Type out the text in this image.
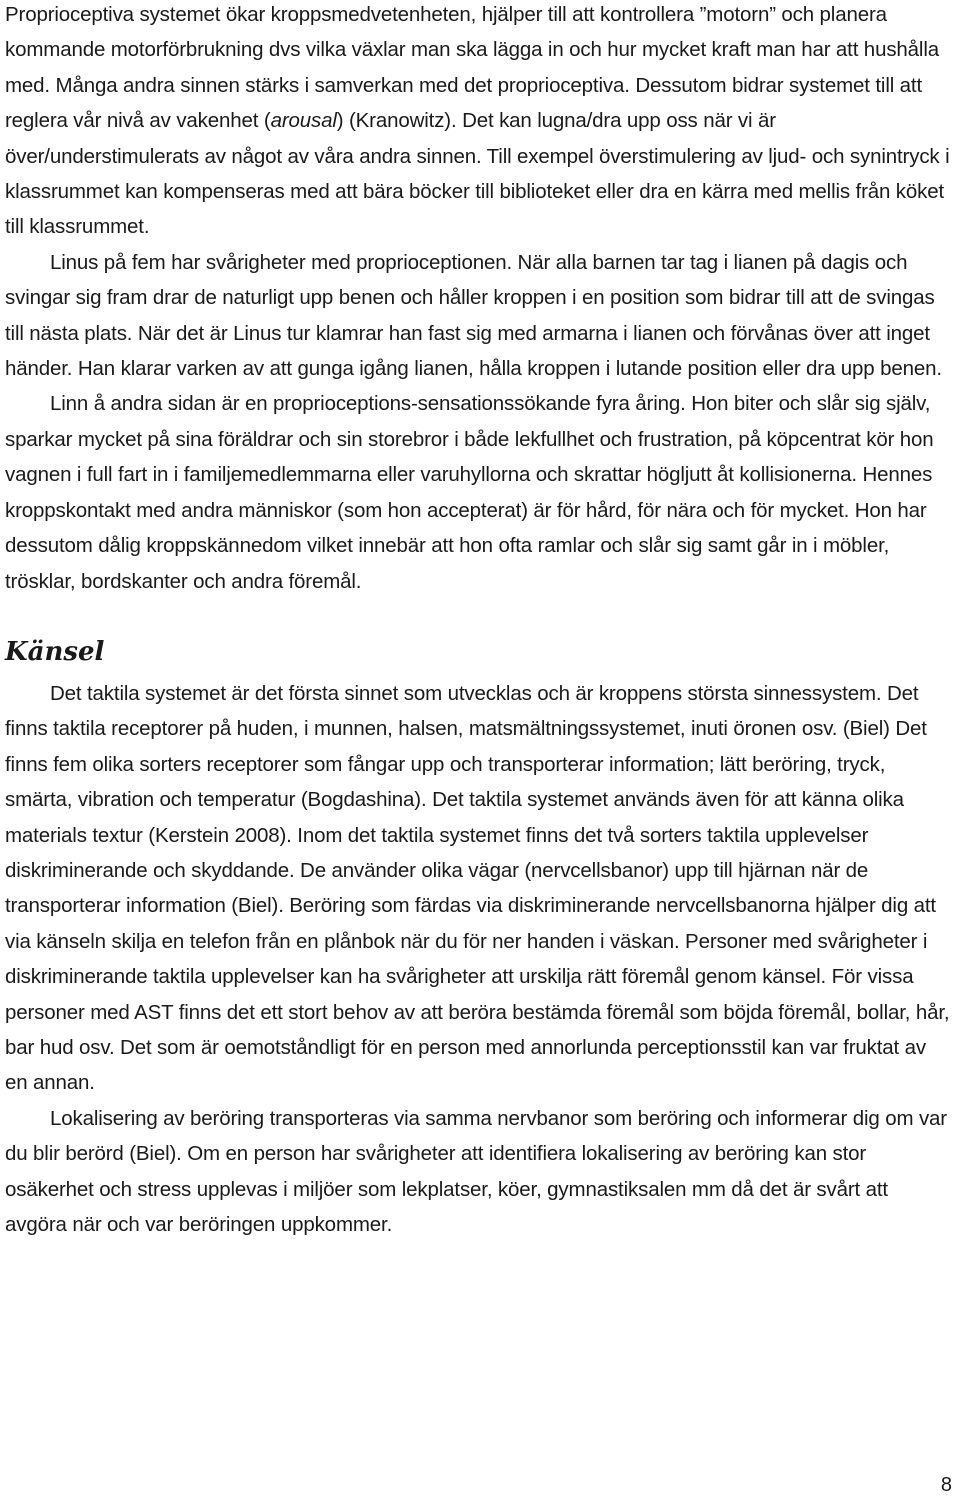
Proprioceptiva systemet ökar kroppsmedvetenheten, hjälper till att kontrollera ”motorn” och planera kommande motorförbrukning dvs vilka växlar man ska lägga in och hur mycket kraft man har att hushålla med. Många andra sinnen stärks i samverkan med det proprioceptiva. Dessutom bidrar systemet till att reglera vår nivå av vakenhet (arousal) (Kranowitz). Det kan lugna/dra upp oss när vi är över/understimulerats av något av våra andra sinnen. Till exempel överstimulering av ljud- och synintryck i klassrummet kan kompenseras med att bära böcker till biblioteket eller dra en kärra med mellis från köket till klassrummet.

Linus på fem har svårigheter med proprioceptionen. När alla barnen tar tag i lianen på dagis och svingar sig fram drar de naturligt upp benen och håller kroppen i en position som bidrar till att de svingas till nästa plats. När det är Linus tur klamrar han fast sig med armarna i lianen och förvånas över att inget händer. Han klarar varken av att gunga igång lianen, hålla kroppen i lutande position eller dra upp benen.

Linn å andra sidan är en proprioceptions-sensationssökande fyra åring. Hon biter och slår sig själv, sparkar mycket på sina föräldrar och sin storebror i både lekfullhet och frustration, på köpcentrat kör hon vagnen i full fart in i familjemedlemmarna eller varuhyllorna och skrattar högljutt åt kollisionerna. Hennes kroppskontakt med andra människor (som hon accepterat) är för hård, för nära och för mycket. Hon har dessutom dålig kroppskännedom vilket innebär att hon ofta ramlar och slår sig samt går in i möbler, trösklar, bordskanter och andra föremål.

Känsel

Det taktila systemet är det första sinnet som utvecklas och är kroppens största sinnessystem. Det finns taktila receptorer på huden, i munnen, halsen, matsmältningssystemet, inuti öronen osv. (Biel) Det finns fem olika sorters receptorer som fångar upp och transporterar information; lätt beröring, tryck, smärta, vibration och temperatur (Bogdashina). Det taktila systemet används även för att känna olika materials textur (Kerstein 2008). Inom det taktila systemet finns det två sorters taktila upplevelser diskriminerande och skyddande. De använder olika vägar (nervcellsbanor) upp till hjärnan när de transporterar information (Biel). Beröring som färdas via diskriminerande nervcellsbanorna hjälper dig att via känseln skilja en telefon från en plånbok när du för ner handen i väskan. Personer med svårigheter i diskriminerande taktila upplevelser kan ha svårigheter att urskilja rätt föremål genom känsel. För vissa personer med AST finns det ett stort behov av att beröra bestämda föremål som böjda föremål, bollar, hår, bar hud osv. Det som är oemotståndligt för en person med annorlunda perceptionsstil kan var fruktat av en annan.

Lokalisering av beröring transporteras via samma nervbanor som beröring och informerar dig om var du blir berörd (Biel). Om en person har svårigheter att identifiera lokalisering av beröring kan stor osäkerhet och stress upplevas i miljöer som lekplatser, köer, gymnastiksalen mm då det är svårt att avgöra när och var beröringen uppkommer.

8
